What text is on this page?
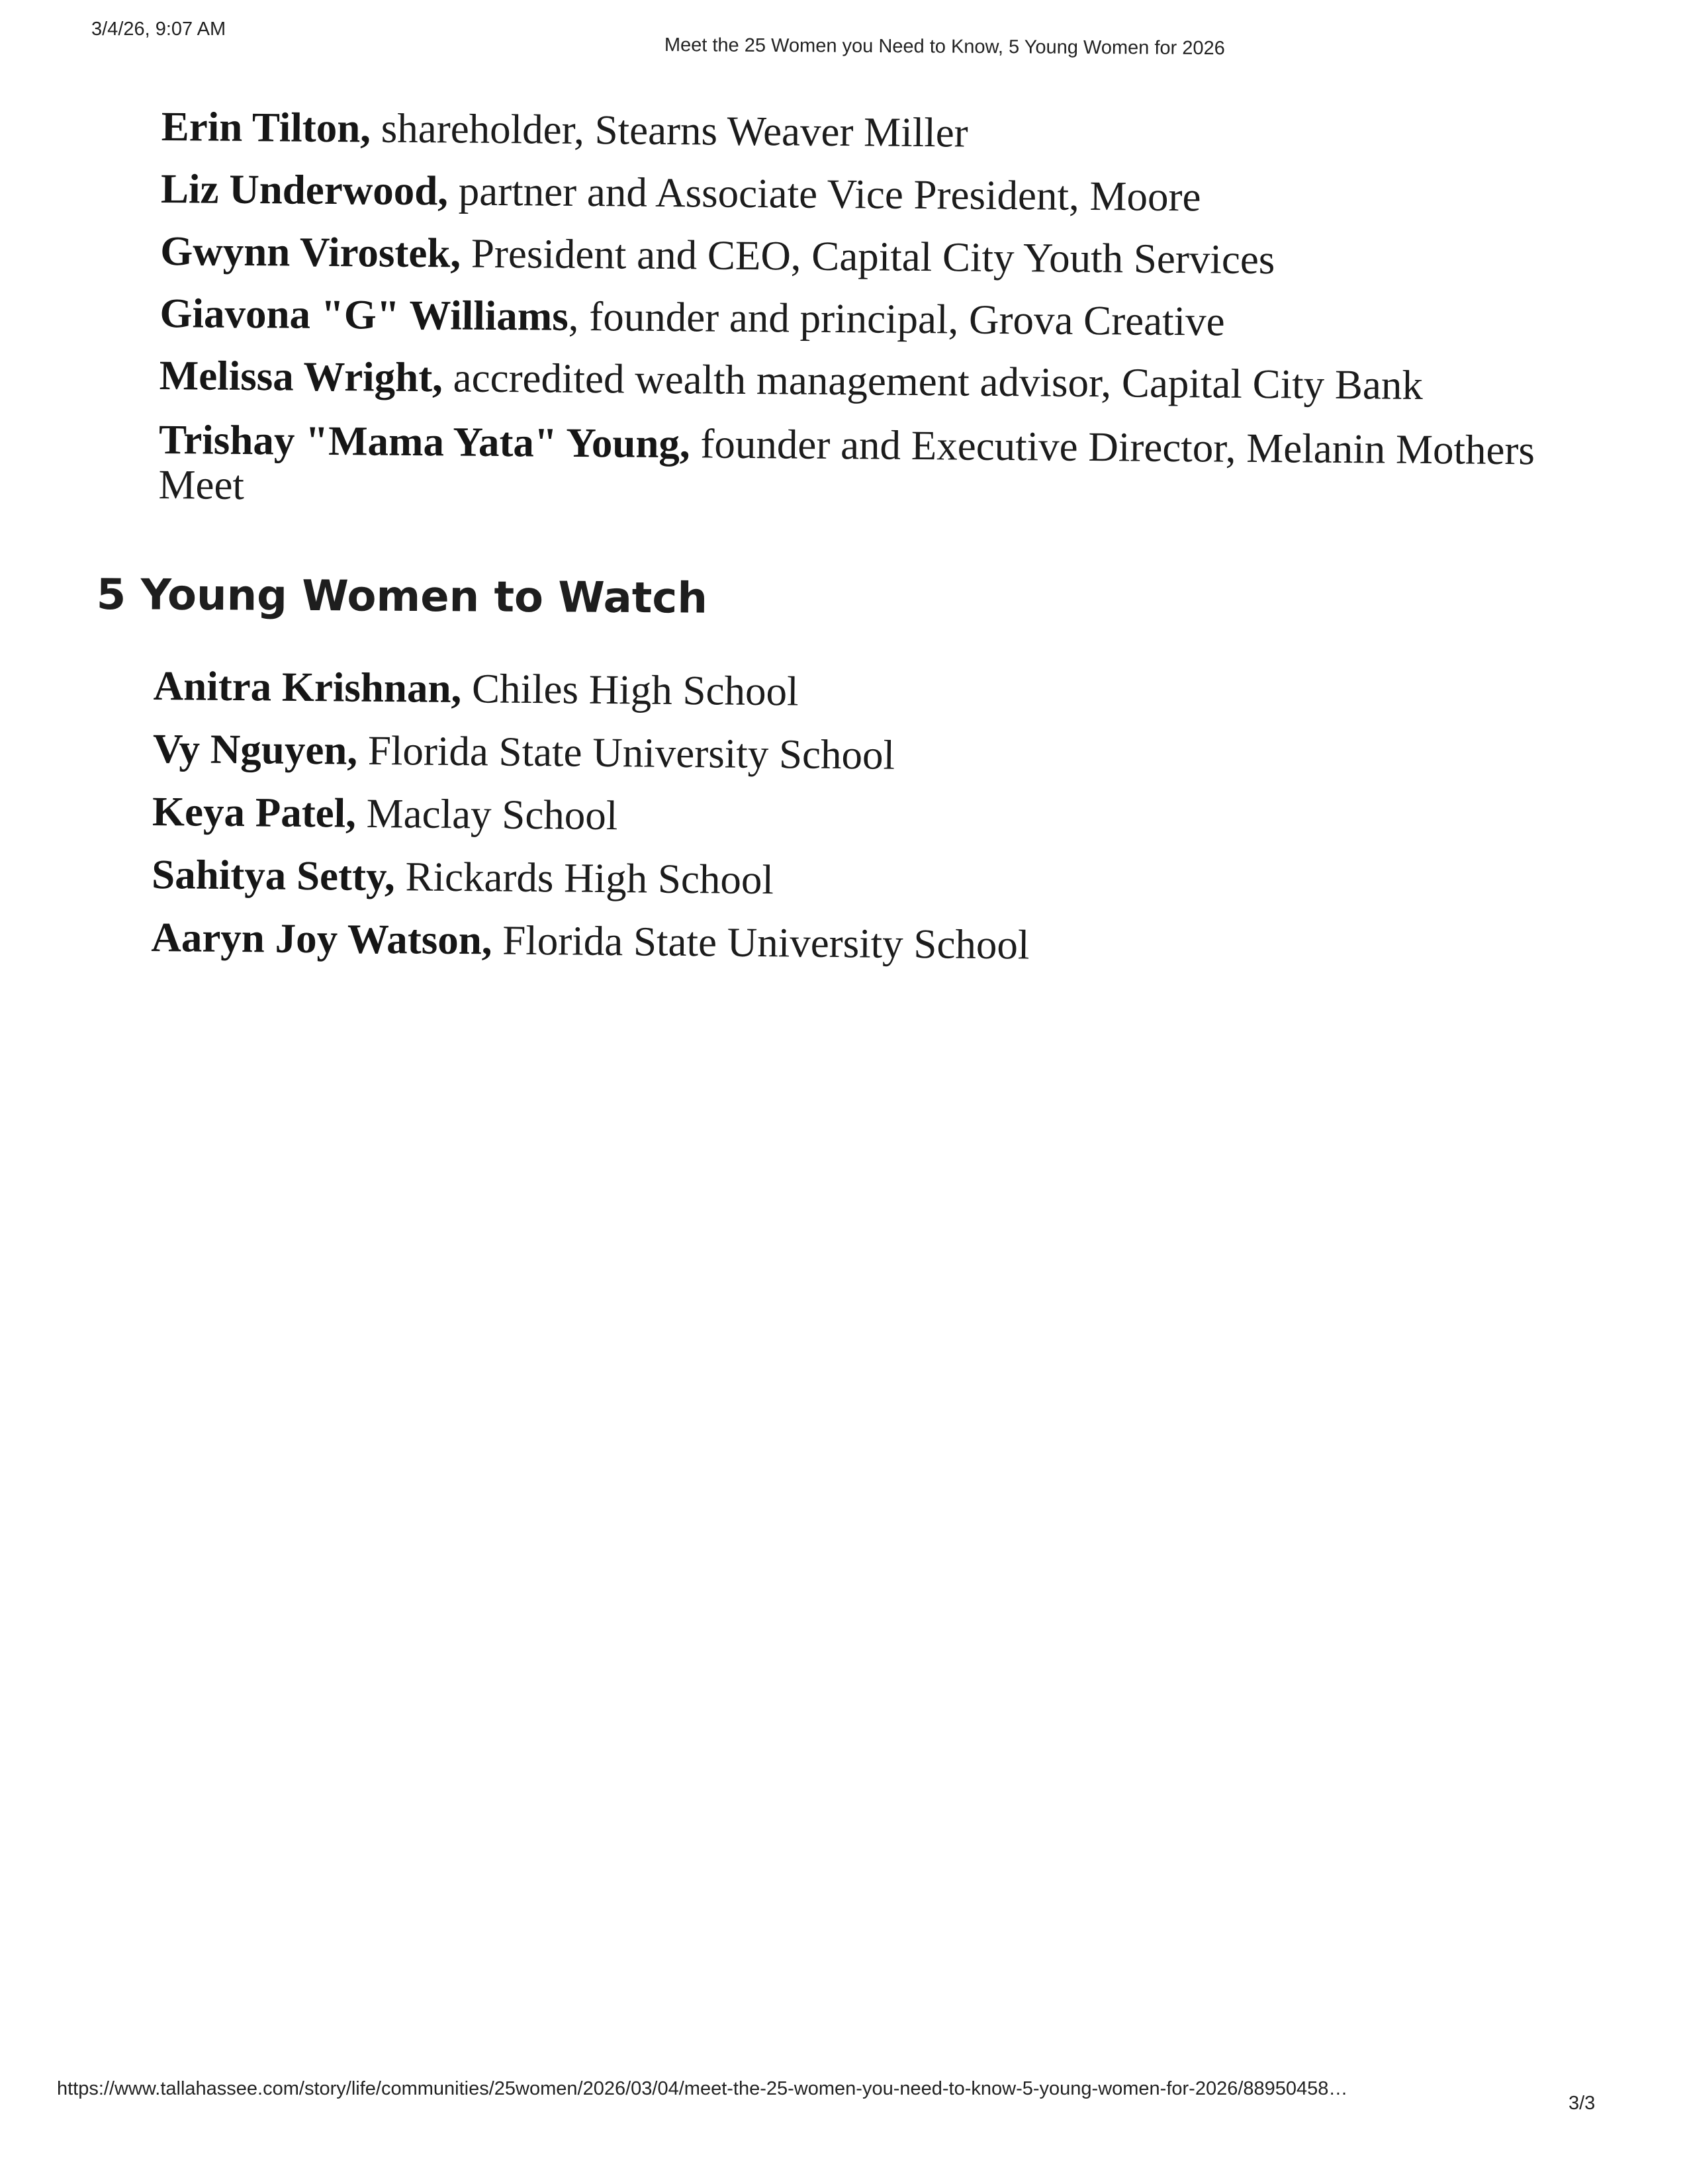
3/4/26, 9:07 AM
Meet the 25 Women you Need to Know, 5 Young Women for 2026

Erin Tilton, shareholder, Stearns Weaver Miller

Liz Underwood, partner and Associate Vice President, Moore

Gwynn Virostek, President and CEO, Capital City Youth Services

Giavona "G" Williams, founder and principal, Grova Creative

Melissa Wright, accredited wealth management advisor, Capital City Bank

Trishay "Mama Yata" Young, founder and Executive Director, Melanin Mothers Meet

5 Young Women to Watch

Anitra Krishnan, Chiles High School

Vy Nguyen, Florida State University School

Keya Patel, Maclay School

Sahitya Setty, Rickards High School

Aaryn Joy Watson, Florida State University School

https://www.tallahassee.com/story/life/communities/25women/2026/03/04/meet-the-25-women-you-need-to-know-5-young-women-for-2026/88950458…
3/3
